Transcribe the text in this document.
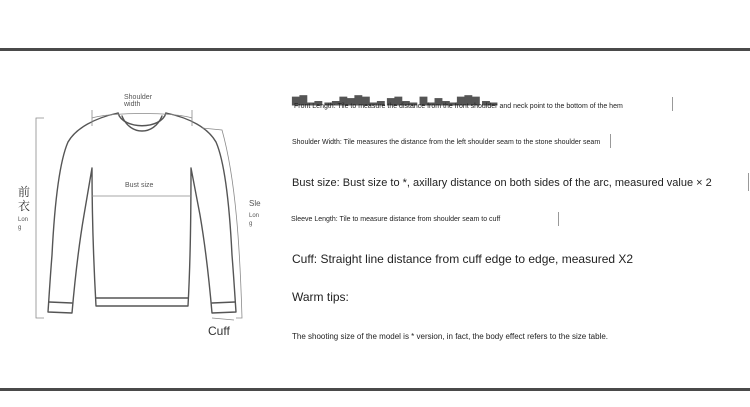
Shoulder width
Bust size
前衣
Lon g
Sle
Lon g
Cuff
▆▇▂▃ ▂▃▆▅▇▆▂▃ ▅▆▃▂ ▆▂▅▃▂▆▇▆ ▃▂
Front Length: Tile to measure the distance from the front shoulder and neck point to the bottom of the hem
Shoulder Width: Tile measures the distance from the left shoulder seam to the stone shoulder seam
Bust size: Bust size to *, axillary distance on both sides of the arc, measured value × 2
Sleeve Length: Tile to measure distance from shoulder seam to cuff
Cuff: Straight line distance from cuff edge to edge, measured X2
Warm tips:
The shooting size of the model is * version, in fact, the body effect refers to the size table.
